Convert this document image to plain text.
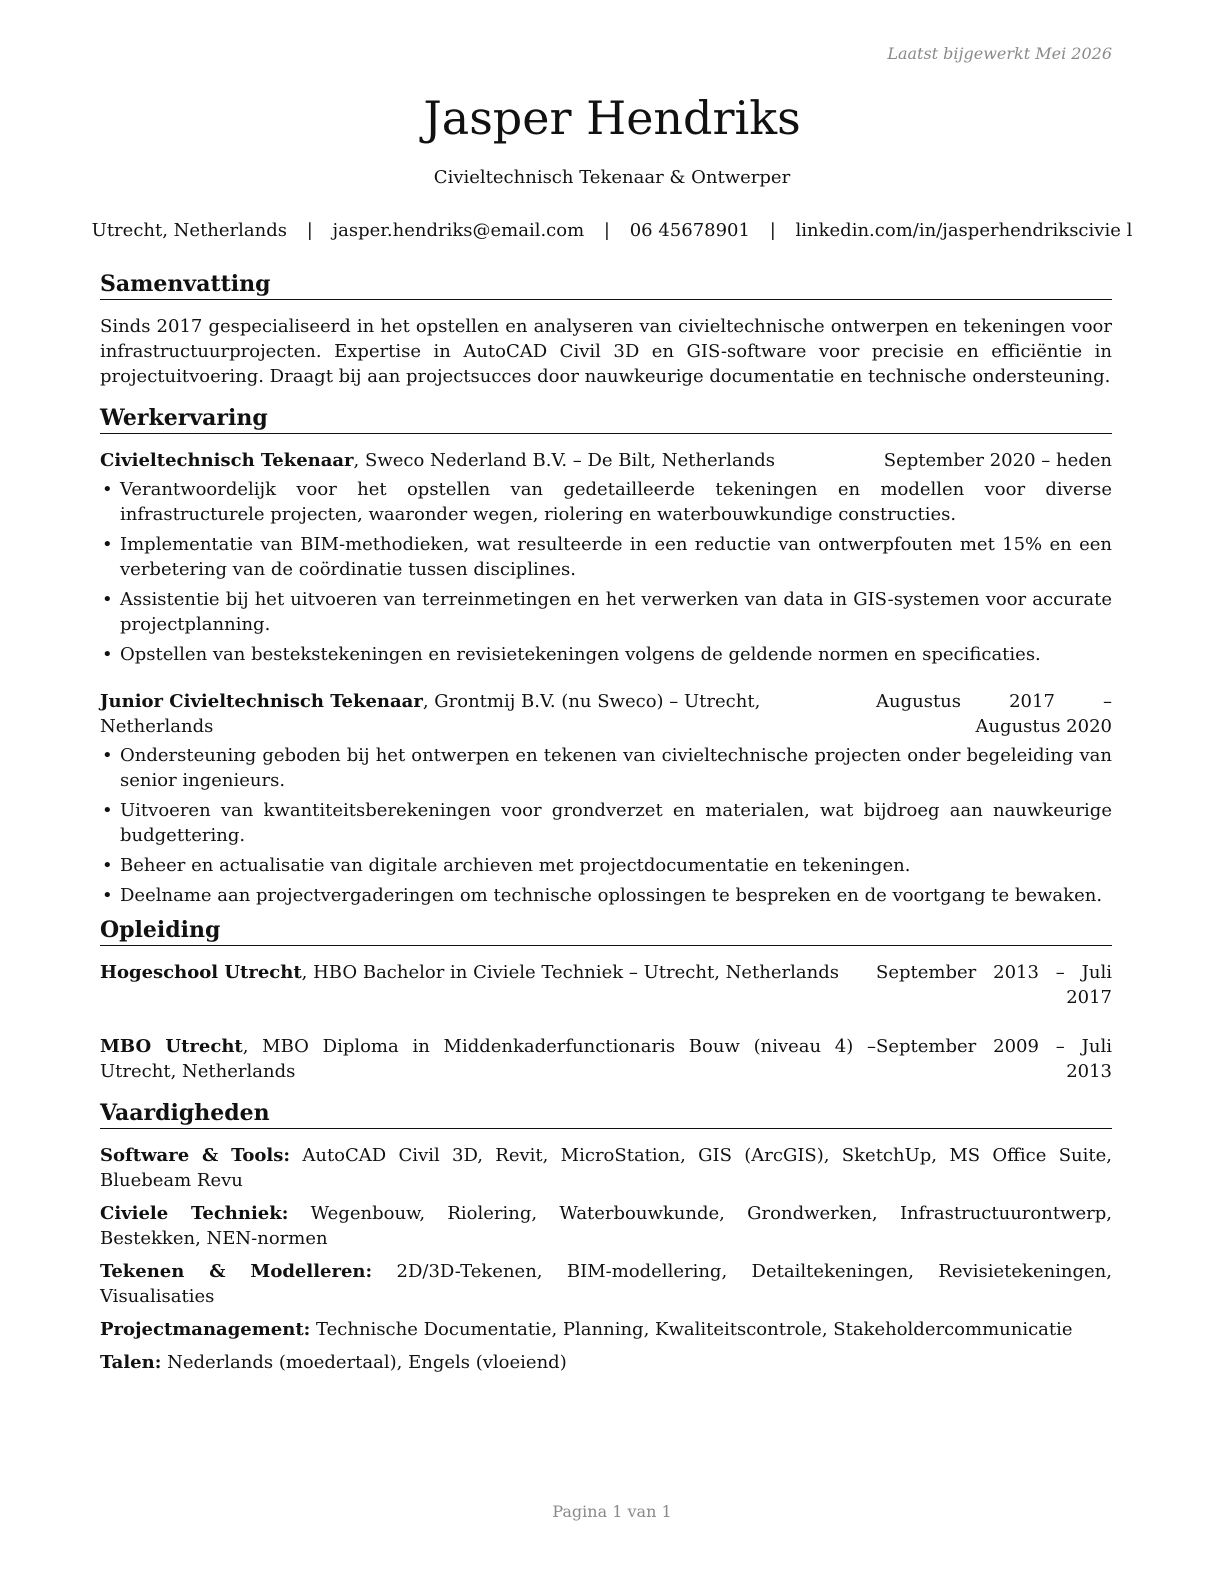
Laatst bijgewerkt Mei 2026
Jasper Hendriks
Civieltechnisch Tekenaar & Ontwerper
Utrecht, Netherlands | jasper.hendriks@email.com | 06 45678901 | linkedin.com/in/jasperhendrikscivie l
Samenvatting

Sinds 2017 gespecialiseerd in het opstellen en analyseren van civieltechnische ontwerpen en tekeningen voor infrastructuurprojecten. Expertise in AutoCAD Civil 3D en GIS-software voor precisie en efficiëntie in projectuitvoering. Draagt bij aan projectsucces door nauwkeurige documentatie en technische ondersteuning.

Werkervaring
Civieltechnisch Tekenaar, Sweco Nederland B.V. – De Bilt, Netherlands	September 2020 – heden
• Verantwoordelijk voor het opstellen van gedetailleerde tekeningen en modellen voor diverse infrastructurele projecten, waaronder wegen, riolering en waterbouwkundige constructies.
• Implementatie van BIM-methodieken, wat resulteerde in een reductie van ontwerpfouten met 15% en een verbetering van de coördinatie tussen disciplines.
• Assistentie bij het uitvoeren van terreinmetingen en het verwerken van data in GIS-systemen voor accurate projectplanning.
• Opstellen van bestekstekeningen en revisietekeningen volgens de geldende normen en specificaties.
Junior Civieltechnisch Tekenaar, Grontmij B.V. (nu Sweco) – Utrecht, Netherlands
Augustus 2017 – Augustus 2020
• Ondersteuning geboden bij het ontwerpen en tekenen van civieltechnische projecten onder begeleiding van senior ingenieurs.
• Uitvoeren van kwantiteitsberekeningen voor grondverzet en materialen, wat bijdroeg aan nauwkeurige budgettering.
• Beheer en actualisatie van digitale archieven met projectdocumentatie en tekeningen.
• Deelname aan projectvergaderingen om technische oplossingen te bespreken en de voortgang te bewaken.
Opleiding
Hogeschool Utrecht, HBO Bachelor in Civiele Techniek – Utrecht, Netherlands	September 2013 – Juli 2017
MBO Utrecht, MBO Diploma in Middenkaderfunctionaris Bouw (niveau 4) – Utrecht, Netherlands
September 2009 – Juli 2013
Vaardigheden
Software & Tools: AutoCAD Civil 3D, Revit, MicroStation, GIS (ArcGIS), SketchUp, MS Office Suite, Bluebeam Revu
Civiele Techniek: Wegenbouw, Riolering, Waterbouwkunde, Grondwerken, Infrastructuurontwerp, Bestekken, NEN-normen
Tekenen & Modelleren: 2D/3D-Tekenen, BIM-modellering, Detailtekeningen, Revisietekeningen, Visualisaties
Projectmanagement: Technische Documentatie, Planning, Kwaliteitscontrole, Stakeholdercommunicatie
Talen: Nederlands (moedertaal), Engels (vloeiend)
Pagina 1 van 1
